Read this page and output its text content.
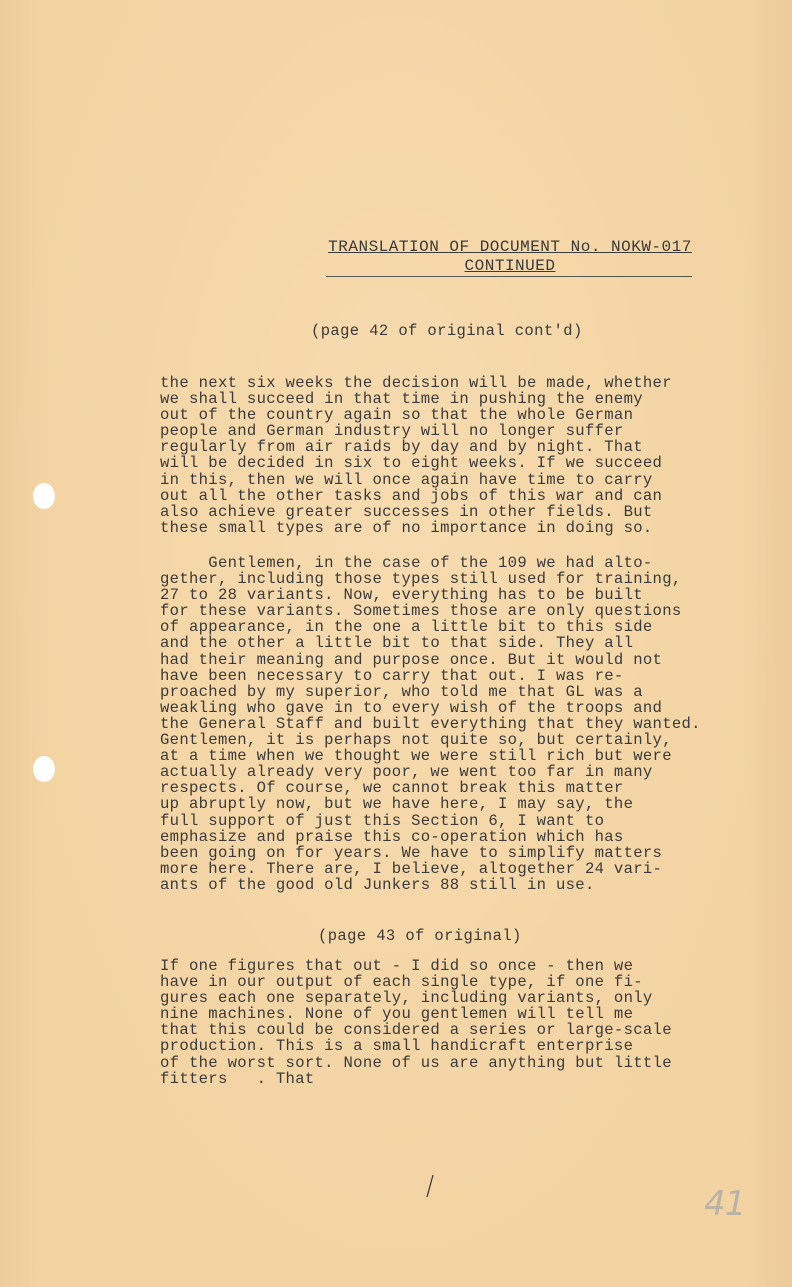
TRANSLATION OF DOCUMENT No. NOKW-017
CONTINUED
(page 42 of original cont'd)
the next six weeks the decision will be made, whether
we shall succeed in that time in pushing the enemy
out of the country again so that the whole German
people and German industry will no longer suffer
regularly from air raids by day and by night. That
will be decided in six to eight weeks. If we succeed
in this, then we will once again have time to carry
out all the other tasks and jobs of this war and can
also achieve greater successes in other fields. But
these small types are of no importance in doing so.
Gentlemen, in the case of the 109 we had alto-
gether, including those types still used for training,
27 to 28 variants. Now, everything has to be built
for these variants. Sometimes those are only questions
of appearance, in the one a little bit to this side
and the other a little bit to that side. They all
had their meaning and purpose once. But it would not
have been necessary to carry that out. I was re-
proached by my superior, who told me that GL was a
weakling who gave in to every wish of the troops and
the General Staff and built everything that they wanted.
Gentlemen, it is perhaps not quite so, but certainly,
at a time when we thought we were still rich but were
actually already very poor, we went too far in many
respects. Of course, we cannot break this matter
up abruptly now, but we have here, I may say, the
full support of just this Section 6, I want to
emphasize and praise this co-operation which has
been going on for years. We have to simplify matters
more here. There are, I believe, altogether 24 vari-
ants of the good old Junkers 88 still in use.
(page 43 of original)
If one figures that out - I did so once - then we
have in our output of each single type, if one fi-
gures each one separately, including variants, only
nine machines. None of you gentlemen will tell me
that this could be considered a series or large-scale
production. This is a small handicraft enterprise
of the worst sort. None of us are anything but little
fitters   . That
41
